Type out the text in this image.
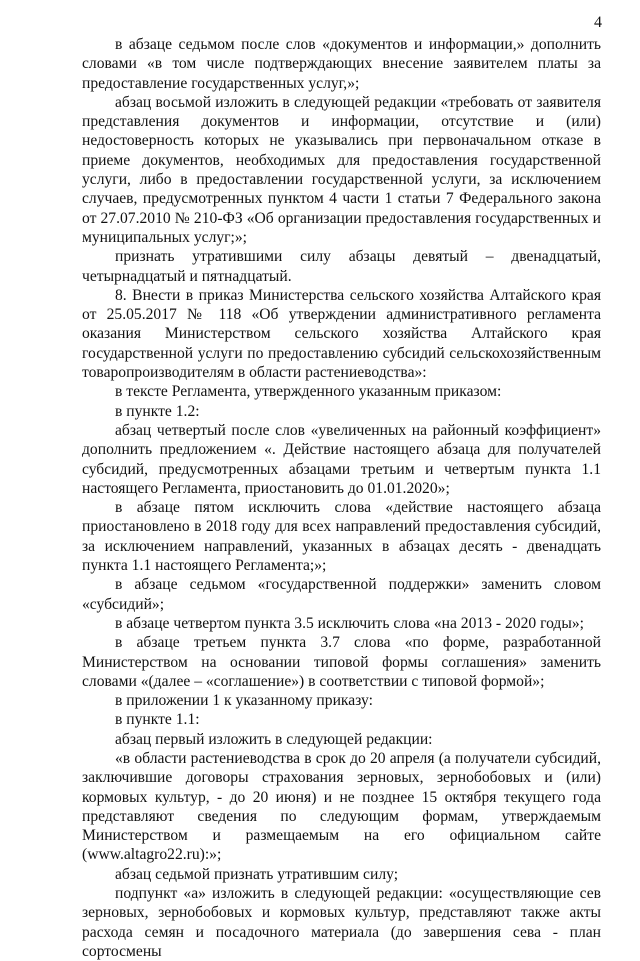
4

в абзаце седьмом после слов «документов и информации,» дополнить словами «в том числе подтверждающих внесение заявителем платы за предоставление государственных услуг,»;

абзац восьмой изложить в следующей редакции «требовать от заявителя представления документов и информации, отсутствие и (или) недостоверность которых не указывались при первоначальном отказе в приеме документов, необходимых для предоставления государственной услуги, либо в предоставлении государственной услуги, за исключением случаев, предусмотренных пунктом 4 части 1 статьи 7 Федерального закона от 27.07.2010 № 210-ФЗ «Об организации предоставления государственных и муниципальных услуг;»;

признать утратившими силу абзацы девятый – двенадцатый, четырнадцатый и пятнадцатый.

8. Внести в приказ Министерства сельского хозяйства Алтайского края от 25.05.2017 № 118 «Об утверждении административного регламента оказания Министерством сельского хозяйства Алтайского края государственной услуги по предоставлению субсидий сельскохозяйственным товаропроизводителям в области растениеводства»:

в тексте Регламента, утвержденного указанным приказом:

в пункте 1.2:

абзац четвертый после слов «увеличенных на районный коэффициент» дополнить предложением «. Действие настоящего абзаца для получателей субсидий, предусмотренных абзацами третьим и четвертым пункта 1.1 настоящего Регламента, приостановить до 01.01.2020»;

в абзаце пятом исключить слова «действие настоящего абзаца приостановлено в 2018 году для всех направлений предоставления субсидий, за исключением направлений, указанных в абзацах десять - двенадцать пункта 1.1 настоящего Регламента;»;

в абзаце седьмом «государственной поддержки» заменить словом «субсидий»;

в абзаце четвертом пункта 3.5 исключить слова «на 2013 - 2020 годы»;

в абзаце третьем пункта 3.7 слова «по форме, разработанной Министерством на основании типовой формы соглашения» заменить словами «(далее – «соглашение») в соответствии с типовой формой»;

в приложении 1 к указанному приказу:

в пункте 1.1:

абзац первый изложить в следующей редакции:

«в области растениеводства в срок до 20 апреля (а получатели субсидий, заключившие договоры страхования зерновых, зернобобовых и (или) кормовых культур, - до 20 июня) и не позднее 15 октября текущего года представляют сведения по следующим формам, утверждаемым Министерством и размещаемым на его официальном сайте (www.altagro22.ru):»;

абзац седьмой признать утратившим силу;

подпункт «а» изложить в следующей редакции: «осуществляющие сев зерновых, зернобобовых и кормовых культур, представляют также акты расхода семян и посадочного материала (до завершения сева - план сортосмены
